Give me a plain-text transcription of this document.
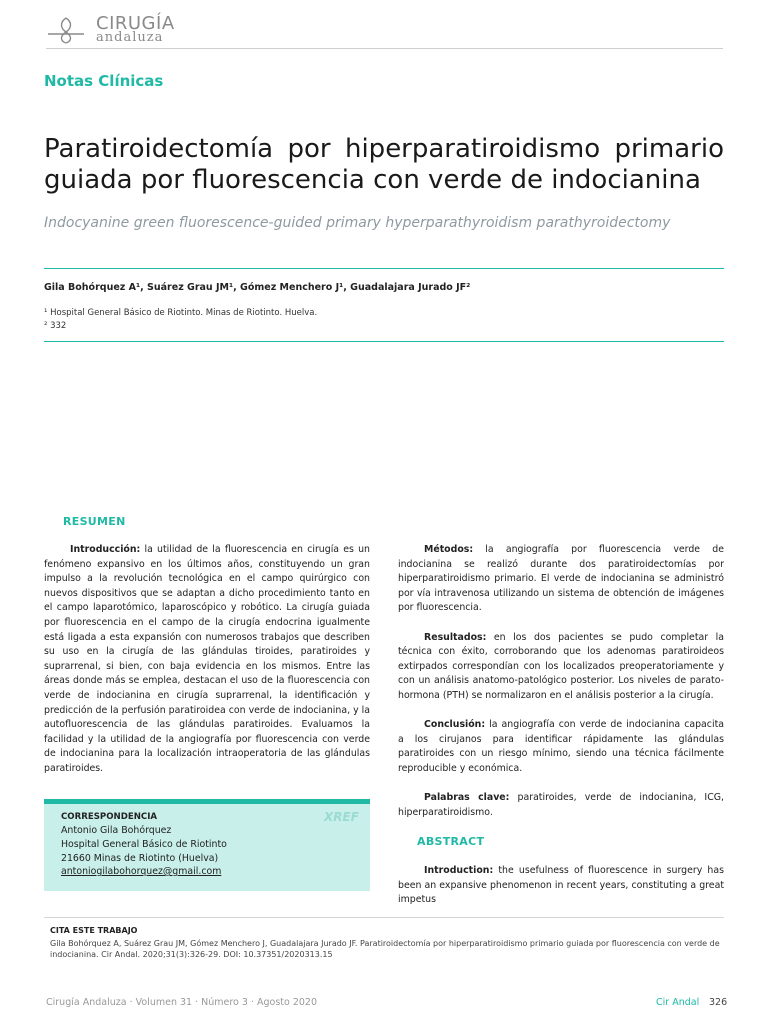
CIRUGÍA
andaluza
Notas Clínicas
Paratiroidectomía por hiperparatiroidismo primario guiada por fluorescencia con verde de indocianina
Indocyanine green fluorescence-guided primary hyperparathyroidism parathyroidectomy
Gila Bohórquez A¹, Suárez Grau JM¹, Gómez Menchero J¹, Guadalajara Jurado JF²
¹ Hospital General Básico de Riotinto. Minas de Riotinto. Huelva.
² 332
RESUMEN

Introducción: la utilidad de la fluorescencia en cirugía es un fenómeno expansivo en los últimos años, constituyendo un gran impulso a la revolución tecnológica en el campo quirúrgico con nuevos dispositivos que se adaptan a dicho procedimiento tanto en el campo laparotómico, laparoscópico y robótico. La cirugía guiada por fluorescencia en el campo de la cirugía endocrina igualmente está ligada a esta expansión con numerosos trabajos que describen su uso en la cirugía de las glándulas tiroides, paratiroides y suprarrenal, si bien, con baja evidencia en los mismos. Entre las áreas donde más se emplea, destacan el uso de la fluorescencia con verde de indocianina en cirugía suprarrenal, la identificación y predicción de la perfusión paratiroidea con verde de indocianina, y la autofluorescencia de las glándulas paratiroides. Evaluamos la facilidad y la utilidad de la angiografía por fluorescencia con verde de indocianina para la localización intraoperatoria de las glándulas paratiroides.

Métodos: la angiografía por fluorescencia verde de indocianina se realizó durante dos paratiroidectomías por hiperparatiroidismo primario. El verde de indocianina se administró por vía intravenosa utilizando un sistema de obtención de imágenes por fluorescencia.

Resultados: en los dos pacientes se pudo completar la técnica con éxito, corroborando que los adenomas paratiroideos extirpados correspondían con los localizados preoperatoriamente y con un análisis anatomo-patológico posterior. Los niveles de parato-hormona (PTH) se normalizaron en el análisis posterior a la cirugía.

Conclusión: la angiografía con verde de indocianina capacita a los cirujanos para identificar rápidamente las glándulas paratiroides con un riesgo mínimo, siendo una técnica fácilmente reproducible y económica.

Palabras clave: paratiroides, verde de indocianina, ICG, hiperparatiroidismo.

ABSTRACT

Introduction: the usefulness of fluorescence in surgery has been an expansive phenomenon in recent years, constituting a great impetus

CORRESPONDENCIA	XREF
Antonio Gila Bohórquez
Hospital General Básico de Riotinto
21660 Minas de Riotinto (Huelva)
antoniogilabohorquez@gmail.com
CITA ESTE TRABAJO
Gila Bohórquez A, Suárez Grau JM, Gómez Menchero J, Guadalajara Jurado JF. Paratiroidectomía por hiperparatiroidismo primario guiada por fluorescencia con verde de indocianina. Cir Andal. 2020;31(3):326-29. DOI: 10.37351/2020313.15
Cirugía Andaluza · Volumen 31 · Número 3 · Agosto 2020	Cir Andal 326
